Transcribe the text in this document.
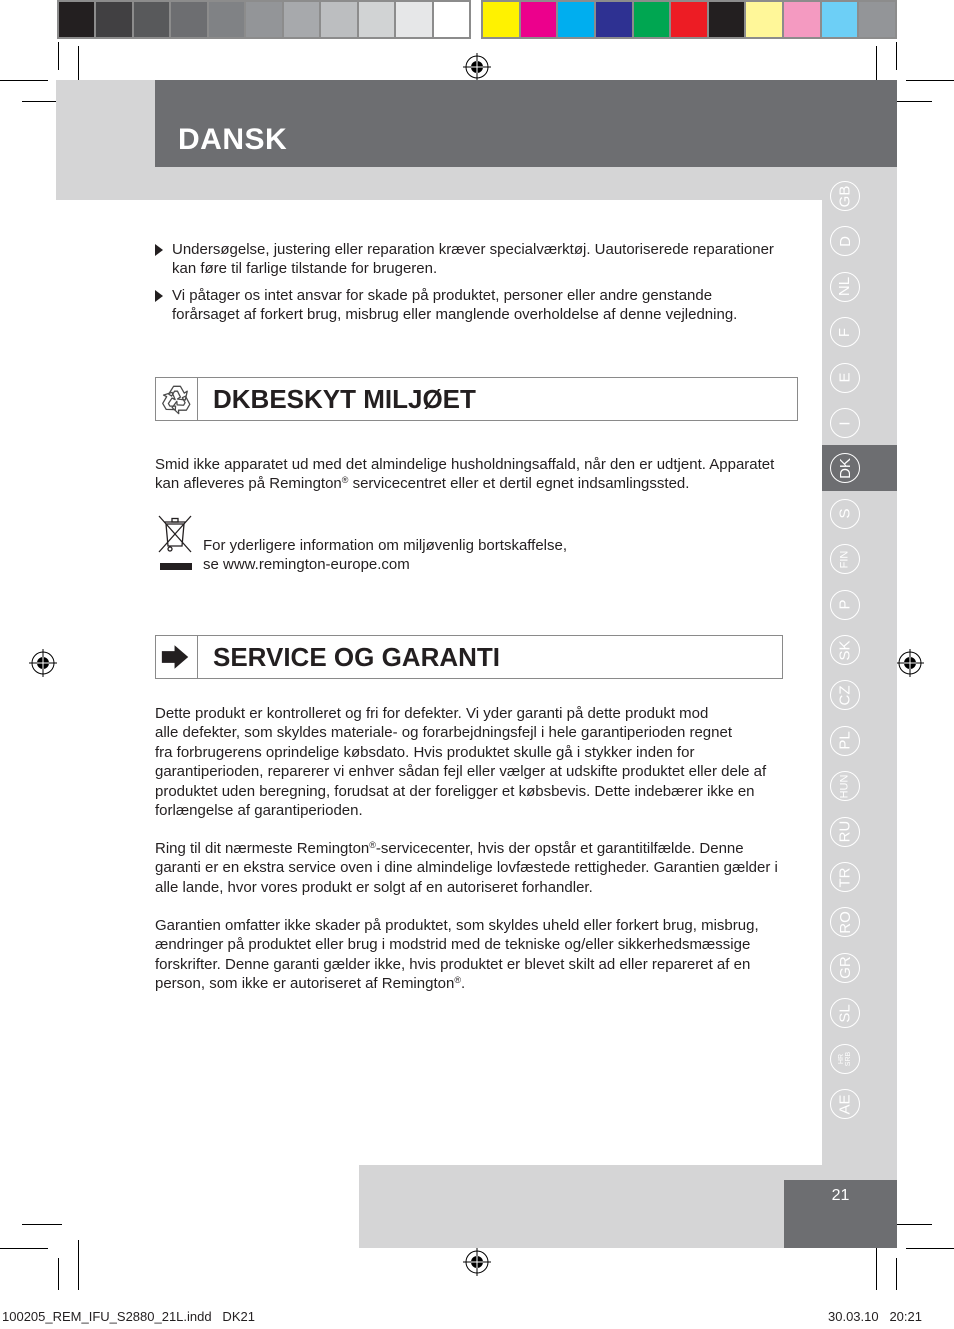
DANSK
21
GB
D
NL
F
E
I
DK
S
FIN
P
SK
CZ
PL
HUN
RU
TR
RO
GR
SL
HR SRB
AE
Undersøgelse, justering eller reparation kræver specialværktøj. Uautoriserede reparationer
kan føre til farlige tilstande for brugeren.
Vi påtager os intet ansvar for skade på produktet, personer eller andre genstande
forårsaget af forkert brug, misbrug eller manglende overholdelse af denne vejledning.
DKBESKYT MILJØET
Smid ikke apparatet ud med det almindelige husholdningsaffald, når den er udtjent. Apparatet
kan afleveres på Remington® servicecentret eller et dertil egnet indsamlingssted.
For yderligere information om miljøvenlig bortskaffelse,
se www.remington-europe.com
SERVICE OG GARANTI
Dette produkt er kontrolleret og fri for defekter. Vi yder garanti på dette produkt mod
alle defekter, som skyldes materiale- og forarbejdningsfejl i hele garantiperioden regnet
fra forbrugerens oprindelige købsdato. Hvis produktet skulle gå i stykker inden for
garantiperioden, reparerer vi enhver sådan fejl eller vælger at udskifte produktet eller dele af
produktet uden beregning, forudsat at der foreligger et købsbevis. Dette indebærer ikke en
forlængelse af garantiperioden.
Ring til dit nærmeste Remington®-servicecenter, hvis der opstår et garantitilfælde. Denne
garanti er en ekstra service oven i dine almindelige lovfæstede rettigheder. Garantien gælder i
alle lande, hvor vores produkt er solgt af en autoriseret forhandler.
Garantien omfatter ikke skader på produktet, som skyldes uheld eller forkert brug, misbrug,
ændringer på produktet eller brug i modstrid med de tekniske og/eller sikkerhedsmæssige
forskrifter. Denne garanti gælder ikke, hvis produktet er blevet skilt ad eller repareret af en
person, som ikke er autoriseret af Remington®.
100205_REM_IFU_S2880_21L.indd   DK21	30.03.10   20:21
